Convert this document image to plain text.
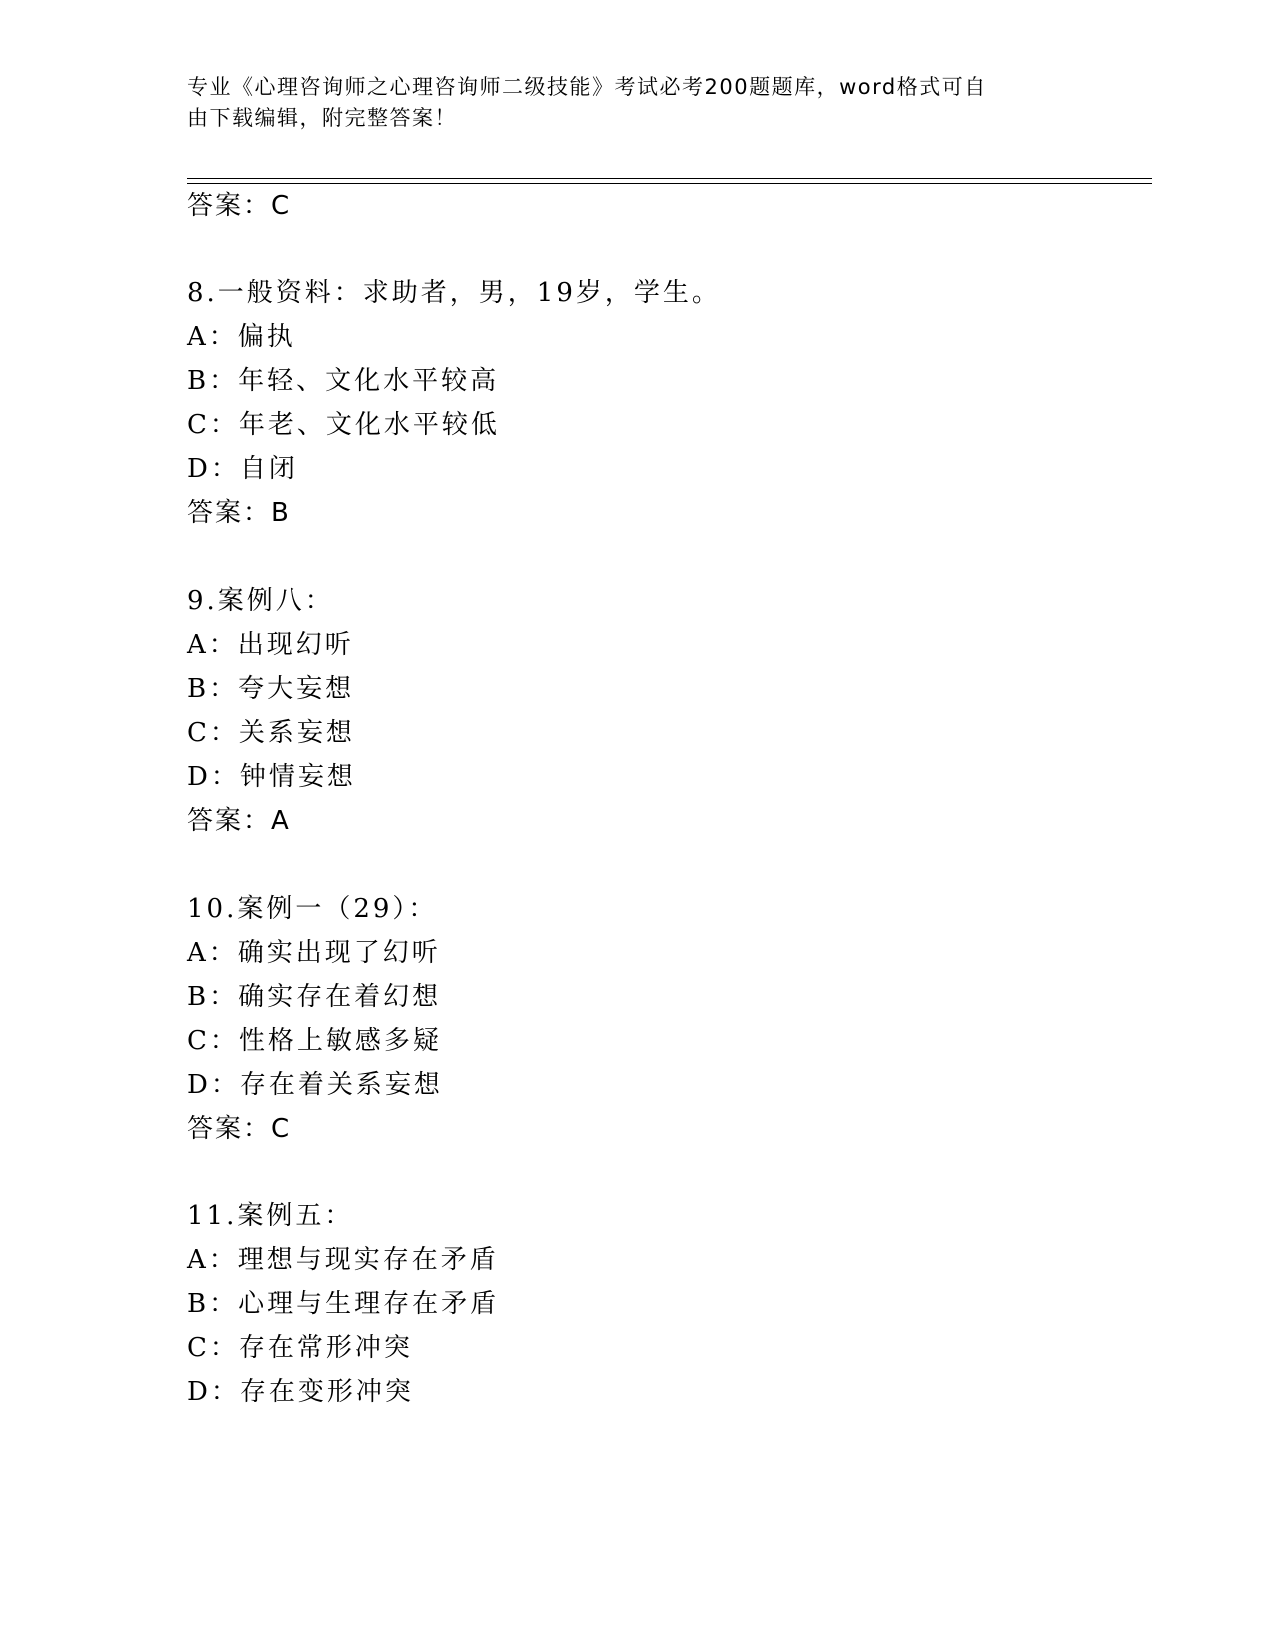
专业《心理咨询师之心理咨询师二级技能》考试必考200题题库，word格式可自
由下载编辑，附完整答案！
答案：C
8.一般资料：求助者，男，19岁，学生。
A：偏执
B：年轻、文化水平较高
C：年老、文化水平较低
D：自闭
答案：B
9.案例八：
A：出现幻听
B：夸大妄想
C：关系妄想
D：钟情妄想
答案：A
10.案例一（29）：
A：确实出现了幻听
B：确实存在着幻想
C：性格上敏感多疑
D：存在着关系妄想
答案：C
11.案例五：
A：理想与现实存在矛盾
B：心理与生理存在矛盾
C：存在常形冲突
D：存在变形冲突
